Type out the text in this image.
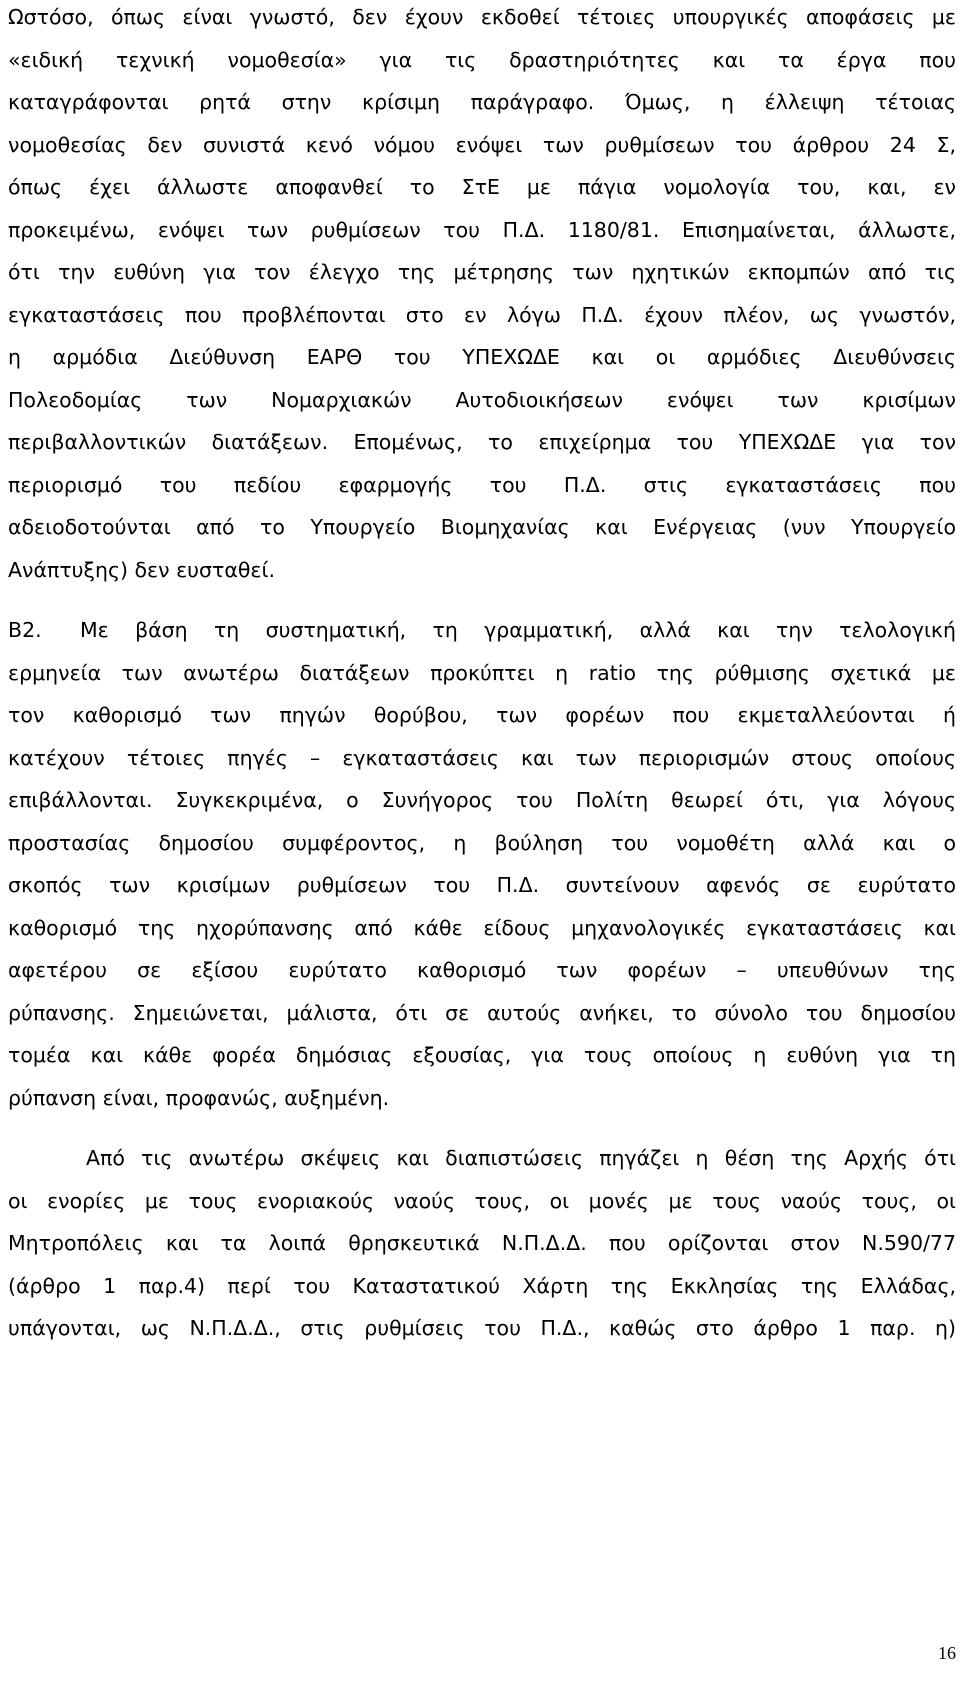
Ωστόσο, όπως είναι γνωστό, δεν έχουν εκδοθεί τέτοιες υπουργικές αποφάσεις με
«ειδική τεχνική νομοθεσία» για τις δραστηριότητες και τα έργα που
καταγράφονται ρητά στην κρίσιμη παράγραφο. Όμως, η έλλειψη τέτοιας
νομοθεσίας δεν συνιστά κενό νόμου ενόψει των ρυθμίσεων του άρθρου 24 Σ,
όπως έχει άλλωστε αποφανθεί το ΣτΕ με πάγια νομολογία του, και, εν
προκειμένω, ενόψει των ρυθμίσεων του Π.Δ. 1180/81. Επισημαίνεται, άλλωστε,
ότι την ευθύνη για τον έλεγχο της μέτρησης των ηχητικών εκπομπών από τις
εγκαταστάσεις που προβλέπονται στο εν λόγω Π.Δ. έχουν πλέον, ως γνωστόν,
η αρμόδια Διεύθυνση ΕΑΡΘ του ΥΠΕΧΩΔΕ και οι αρμόδιες Διευθύνσεις
Πολεοδομίας των Νομαρχιακών Αυτοδιοικήσεων ενόψει των κρισίμων
περιβαλλοντικών διατάξεων. Επομένως, το επιχείρημα του ΥΠΕΧΩΔΕ για τον
περιορισμό του πεδίου εφαρμογής του Π.Δ. στις εγκαταστάσεις που
αδειοδοτούνται από το Υπουργείο Βιομηχανίας και Ενέργειας (νυν Υπουργείο
Ανάπτυξης) δεν ευσταθεί.
Β2. Με βάση τη συστηματική, τη γραμματική, αλλά και την τελολογική
ερμηνεία των ανωτέρω διατάξεων προκύπτει η ratio της ρύθμισης σχετικά με
τον καθορισμό των πηγών θορύβου, των φορέων που εκμεταλλεύονται ή
κατέχουν τέτοιες πηγές – εγκαταστάσεις και των περιορισμών στους οποίους
επιβάλλονται. Συγκεκριμένα, ο Συνήγορος του Πολίτη θεωρεί ότι, για λόγους
προστασίας δημοσίου συμφέροντος, η βούληση του νομοθέτη αλλά και ο
σκοπός των κρισίμων ρυθμίσεων του Π.Δ. συντείνουν αφενός σε ευρύτατο
καθορισμό της ηχορύπανσης από κάθε είδους μηχανολογικές εγκαταστάσεις και
αφετέρου σε εξίσου ευρύτατο καθορισμό των φορέων – υπευθύνων της
ρύπανσης. Σημειώνεται, μάλιστα, ότι σε αυτούς ανήκει, το σύνολο του δημοσίου
τομέα και κάθε φορέα δημόσιας εξουσίας, για τους οποίους η ευθύνη για τη
ρύπανση είναι, προφανώς, αυξημένη.
Από τις ανωτέρω σκέψεις και διαπιστώσεις πηγάζει η θέση της Αρχής ότι
οι ενορίες με τους ενοριακούς ναούς τους, οι μονές με τους ναούς τους, οι
Μητροπόλεις και τα λοιπά θρησκευτικά Ν.Π.Δ.Δ. που ορίζονται στον Ν.590/77
(άρθρο 1 παρ.4) περί του Καταστατικού Χάρτη της Εκκλησίας της Ελλάδας,
υπάγονται, ως Ν.Π.Δ.Δ., στις ρυθμίσεις του Π.Δ., καθώς στο άρθρο 1 παρ. η)
16
